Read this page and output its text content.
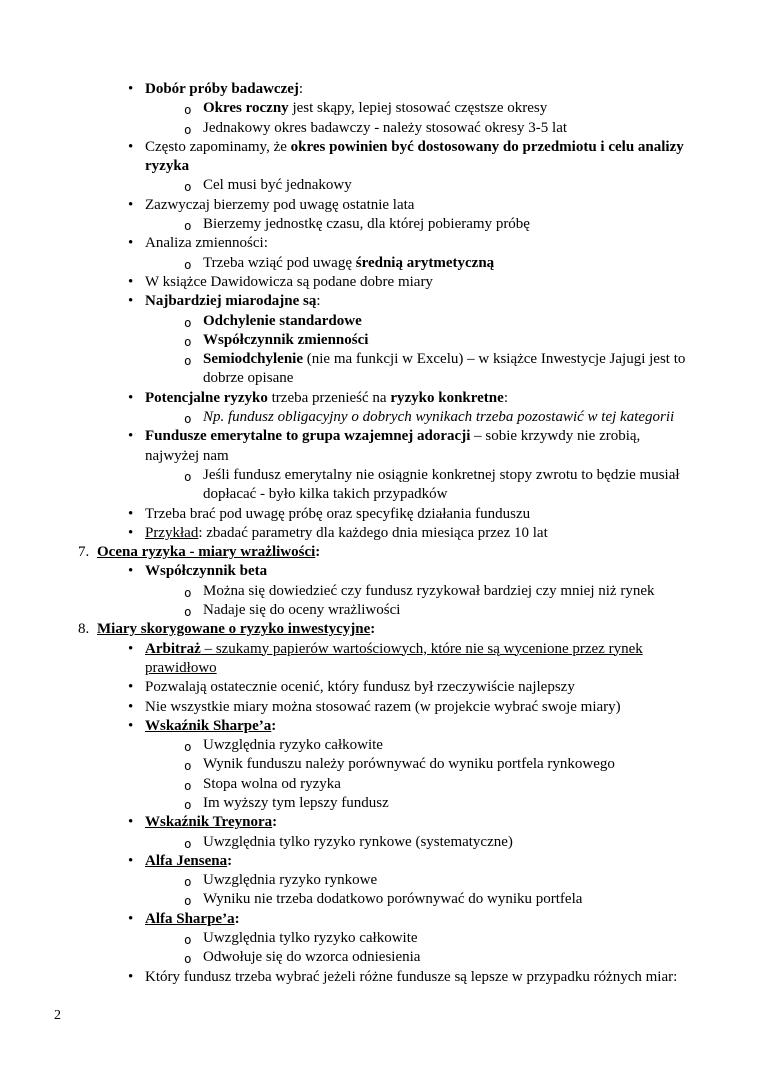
• Dobór próby badawczej:
o Okres roczny jest skąpy, lepiej stosować częstsze okresy
o Jednakowy okres badawczy - należy stosować okresy 3-5 lat
• Często zapominamy, że okres powinien być dostosowany do przedmiotu i celu analizy
ryzyka
o Cel musi być jednakowy
• Zazwyczaj bierzemy pod uwagę ostatnie lata
o Bierzemy jednostkę czasu, dla której pobieramy próbę
• Analiza zmienności:
o Trzeba wziąć pod uwagę średnią arytmetyczną
• W książce Dawidowicza są podane dobre miary
• Najbardziej miarodajne są:
o Odchylenie standardowe
o Współczynnik zmienności
o Semiodchylenie (nie ma funkcji w Excelu) – w książce Inwestycje Jajugi jest to
dobrze opisane
• Potencjalne ryzyko trzeba przenieść na ryzyko konkretne:
o Np. fundusz obligacyjny o dobrych wynikach trzeba pozostawić w tej kategorii
• Fundusze emerytalne to grupa wzajemnej adoracji – sobie krzywdy nie zrobią,
najwyżej nam
o Jeśli fundusz emerytalny nie osiągnie konkretnej stopy zwrotu to będzie musiał
dopłacać - było kilka takich przypadków
• Trzeba brać pod uwagę próbę oraz specyfikę działania funduszu
• Przykład: zbadać parametry dla każdego dnia miesiąca przez 10 lat
7. Ocena ryzyka - miary wrażliwości:
• Współczynnik beta
o Można się dowiedzieć czy fundusz ryzykował bardziej czy mniej niż rynek
o Nadaje się do oceny wrażliwości
8. Miary skorygowane o ryzyko inwestycyjne:
• Arbitraż – szukamy papierów wartościowych, które nie są wycenione przez rynek
prawidłowo
• Pozwalają ostatecznie ocenić, który fundusz był rzeczywiście najlepszy
• Nie wszystkie miary można stosować razem (w projekcie wybrać swoje miary)
• Wskaźnik Sharpe’a:
o Uwzględnia ryzyko całkowite
o Wynik funduszu należy porównywać do wyniku portfela rynkowego
o Stopa wolna od ryzyka
o Im wyższy tym lepszy fundusz
• Wskaźnik Treynora:
o Uwzględnia tylko ryzyko rynkowe (systematyczne)
• Alfa Jensena:
o Uwzględnia ryzyko rynkowe
o Wyniku nie trzeba dodatkowo porównywać do wyniku portfela
• Alfa Sharpe’a:
o Uwzględnia tylko ryzyko całkowite
o Odwołuje się do wzorca odniesienia
• Który fundusz trzeba wybrać jeżeli różne fundusze są lepsze w przypadku różnych miar:
2
